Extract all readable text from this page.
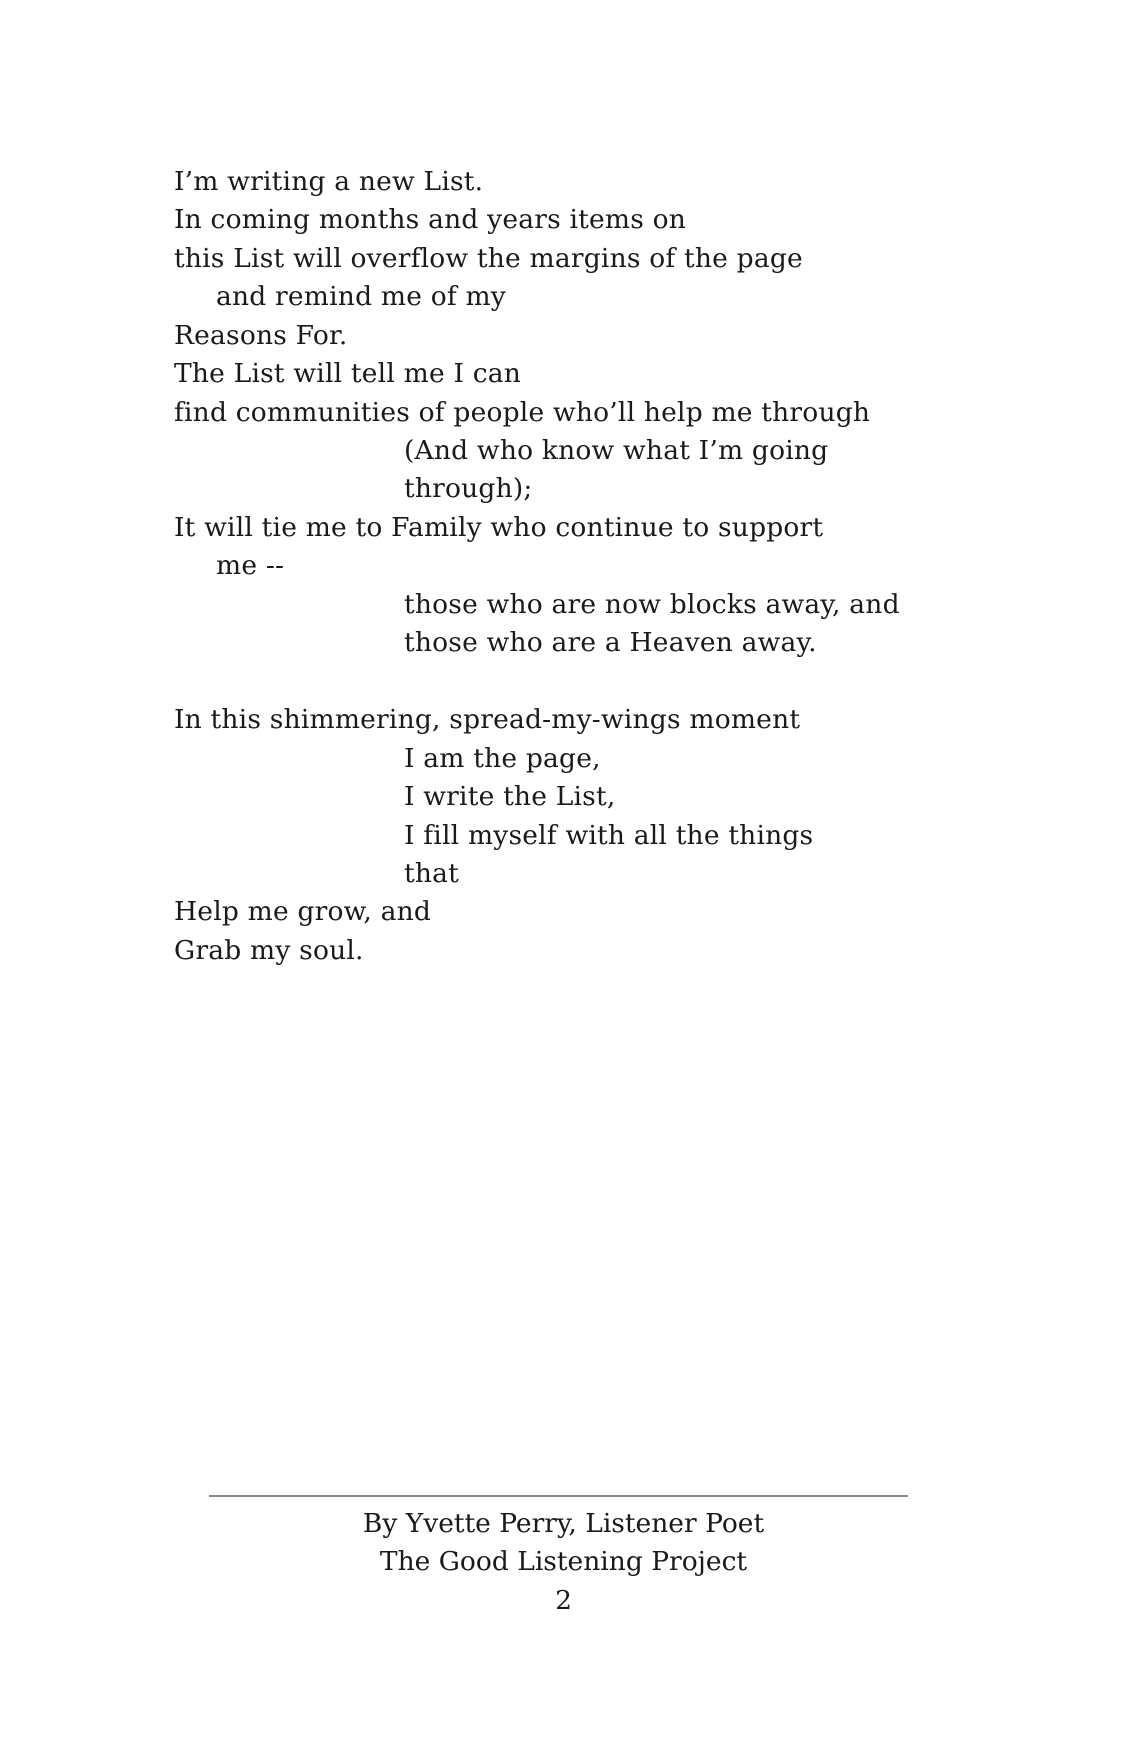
I’m writing a new List.
In coming months and years items on
this List will overflow the margins of the page
and remind me of my
Reasons For.
The List will tell me I can
find communities of people who’ll help me through
(And who know what I’m going
through);
It will tie me to Family who continue to support
me --
those who are now blocks away, and
those who are a Heaven away.
In this shimmering, spread-my-wings moment
I am the page,
I write the List,
I fill myself with all the things
that
Help me grow, and
Grab my soul.
By Yvette Perry, Listener Poet
The Good Listening Project
2
